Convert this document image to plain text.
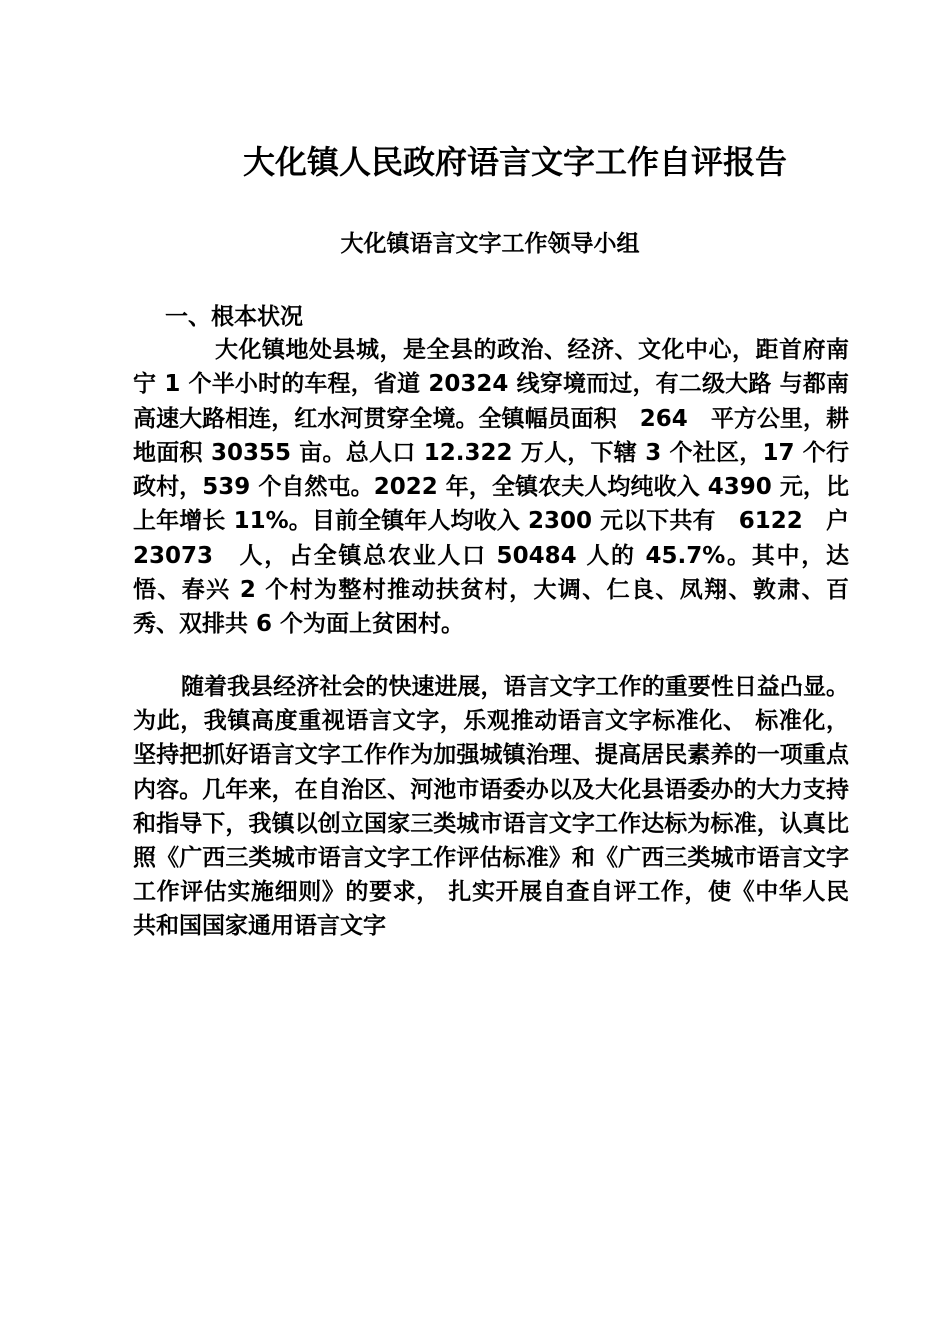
大化镇人民政府语言文字工作自评报告
大化镇语言文字工作领导小组
一、根本状况

大化镇地处县城，是全县的政治、经济、文化中心，距首府南宁 1 个半小时的车程，省道 20324 线穿境而过，有二级大路 与都南高速大路相连，红水河贯穿全境。全镇幅员面积　264　平方公里，耕地面积 30355 亩。总人口 12.322 万人，下辖 3 个社区，17 个行政村，539 个自然屯。2022 年，全镇农夫人均纯收入 4390 元，比上年增长 11%。目前全镇年人均收入 2300 元以下共有　6122　户　23073　人，占全镇总农业人口 50484 人的 45.7%。其中，达悟、春兴 2 个村为整村推动扶贫村，大调、仁良、凤翔、敦肃、百秀、双排共 6 个为面上贫困村。

随着我县经济社会的快速进展，语言文字工作的重要性日益凸显。为此，我镇高度重视语言文字，乐观推动语言文字标准化、 标准化，坚持把抓好语言文字工作作为加强城镇治理、提高居民素养的一项重点内容。几年来，在自治区、河池市语委办以及大化县语委办的大力支持和指导下，我镇以创立国家三类城市语言文字工作达标为标准，认真比照《广西三类城市语言文字工作评估标准》和《广西三类城市语言文字工作评估实施细则》的要求， 扎实开展自查自评工作，使《中华人民共和国国家通用语言文字
